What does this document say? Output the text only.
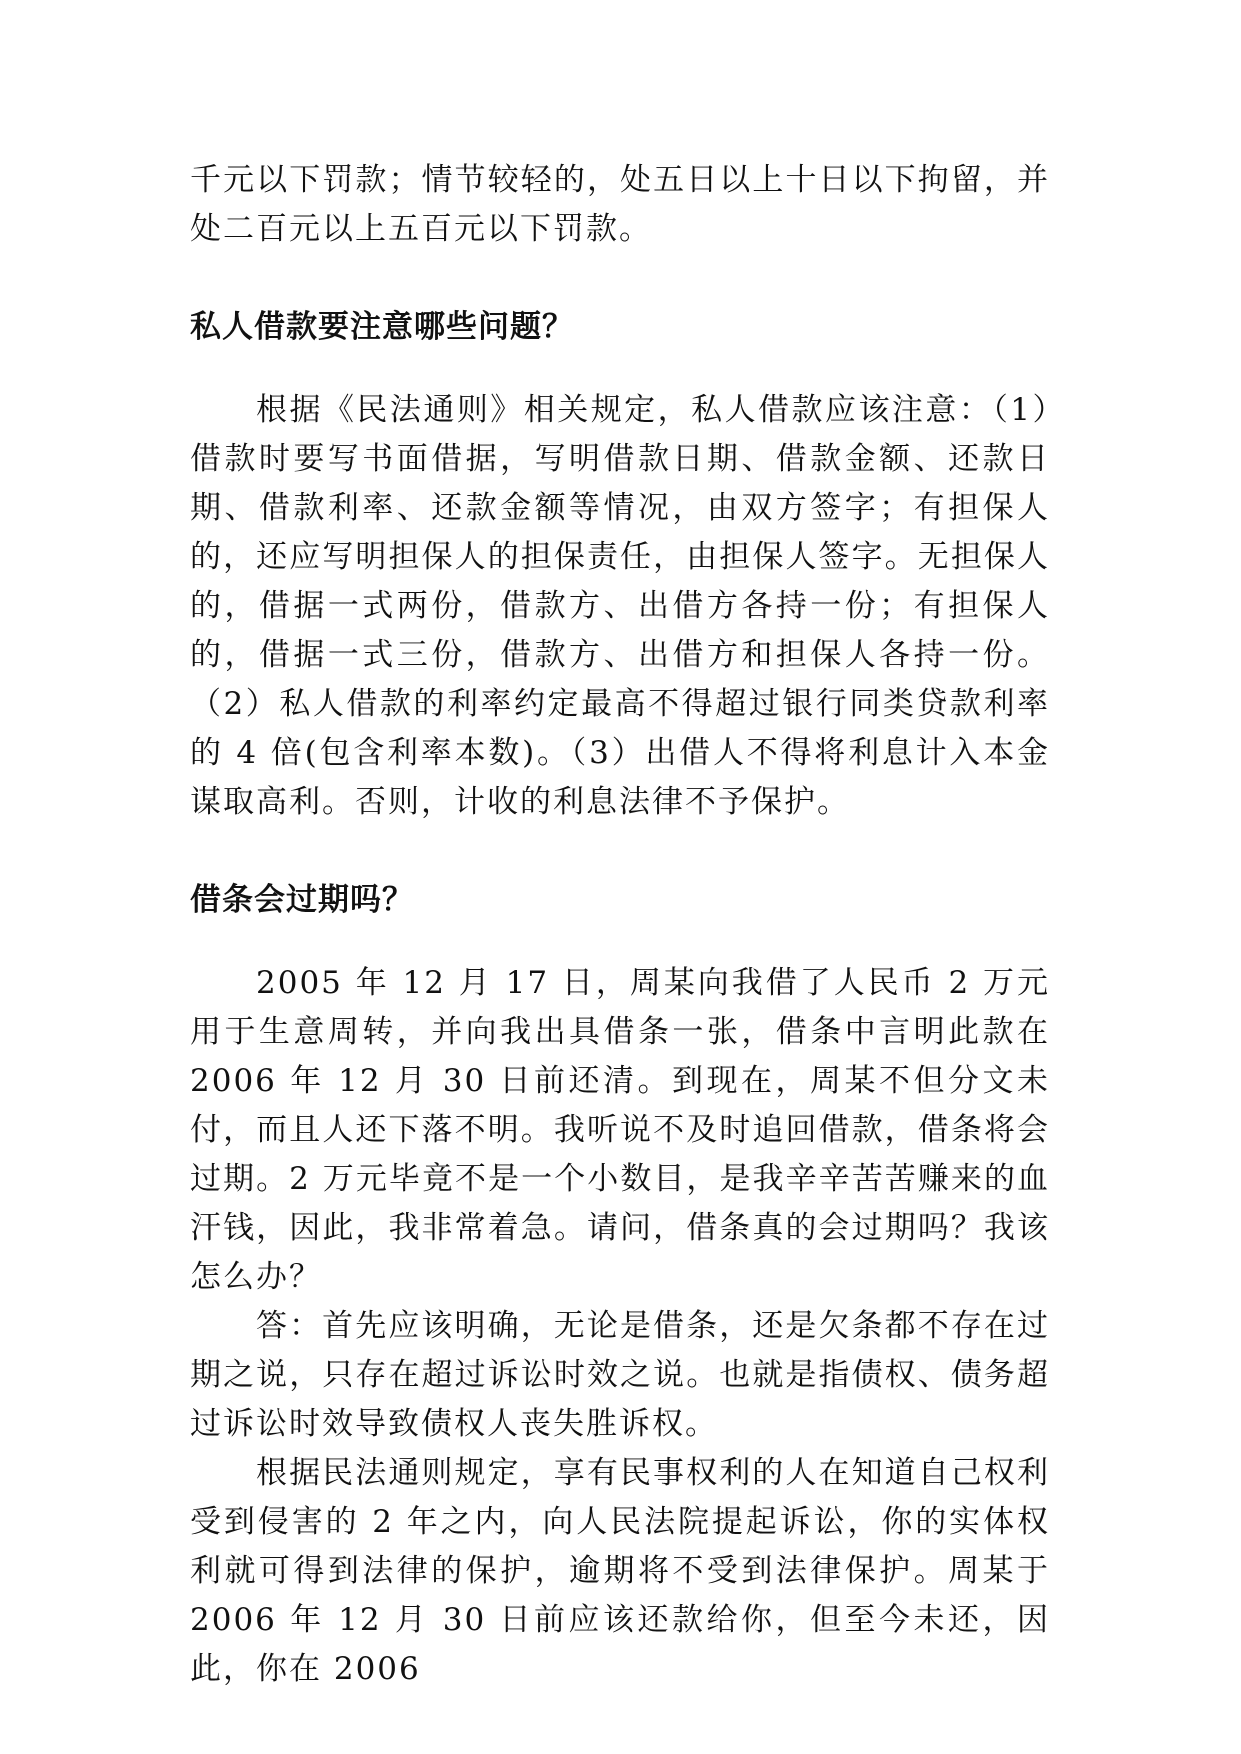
千元以下罚款；情节较轻的，处五日以上十日以下拘留，并处二百元以上五百元以下罚款。

私人借款要注意哪些问题？

根据《民法通则》相关规定，私人借款应该注意：（1）借款时要写书面借据，写明借款日期、借款金额、还款日期、借款利率、还款金额等情况，由双方签字；有担保人的，还应写明担保人的担保责任，由担保人签字。无担保人的，借据一式两份，借款方、出借方各持一份；有担保人的，借据一式三份，借款方、出借方和担保人各持一份。（2）私人借款的利率约定最高不得超过银行同类贷款利率的 4 倍(包含利率本数)。（3）出借人不得将利息计入本金谋取高利。否则，计收的利息法律不予保护。

借条会过期吗？

2005 年 12 月 17 日，周某向我借了人民币 2 万元用于生意周转，并向我出具借条一张，借条中言明此款在 2006 年 12 月 30 日前还清。到现在，周某不但分文未付，而且人还下落不明。我听说不及时追回借款，借条将会过期。2 万元毕竟不是一个小数目，是我辛辛苦苦赚来的血汗钱，因此，我非常着急。请问，借条真的会过期吗？我该怎么办？

答：首先应该明确，无论是借条，还是欠条都不存在过期之说，只存在超过诉讼时效之说。也就是指债权、债务超过诉讼时效导致债权人丧失胜诉权。

根据民法通则规定，享有民事权利的人在知道自己权利受到侵害的 2 年之内，向人民法院提起诉讼，你的实体权利就可得到法律的保护，逾期将不受到法律保护。周某于 2006 年 12 月 30 日前应该还款给你，但至今未还，因此，你在 2006
